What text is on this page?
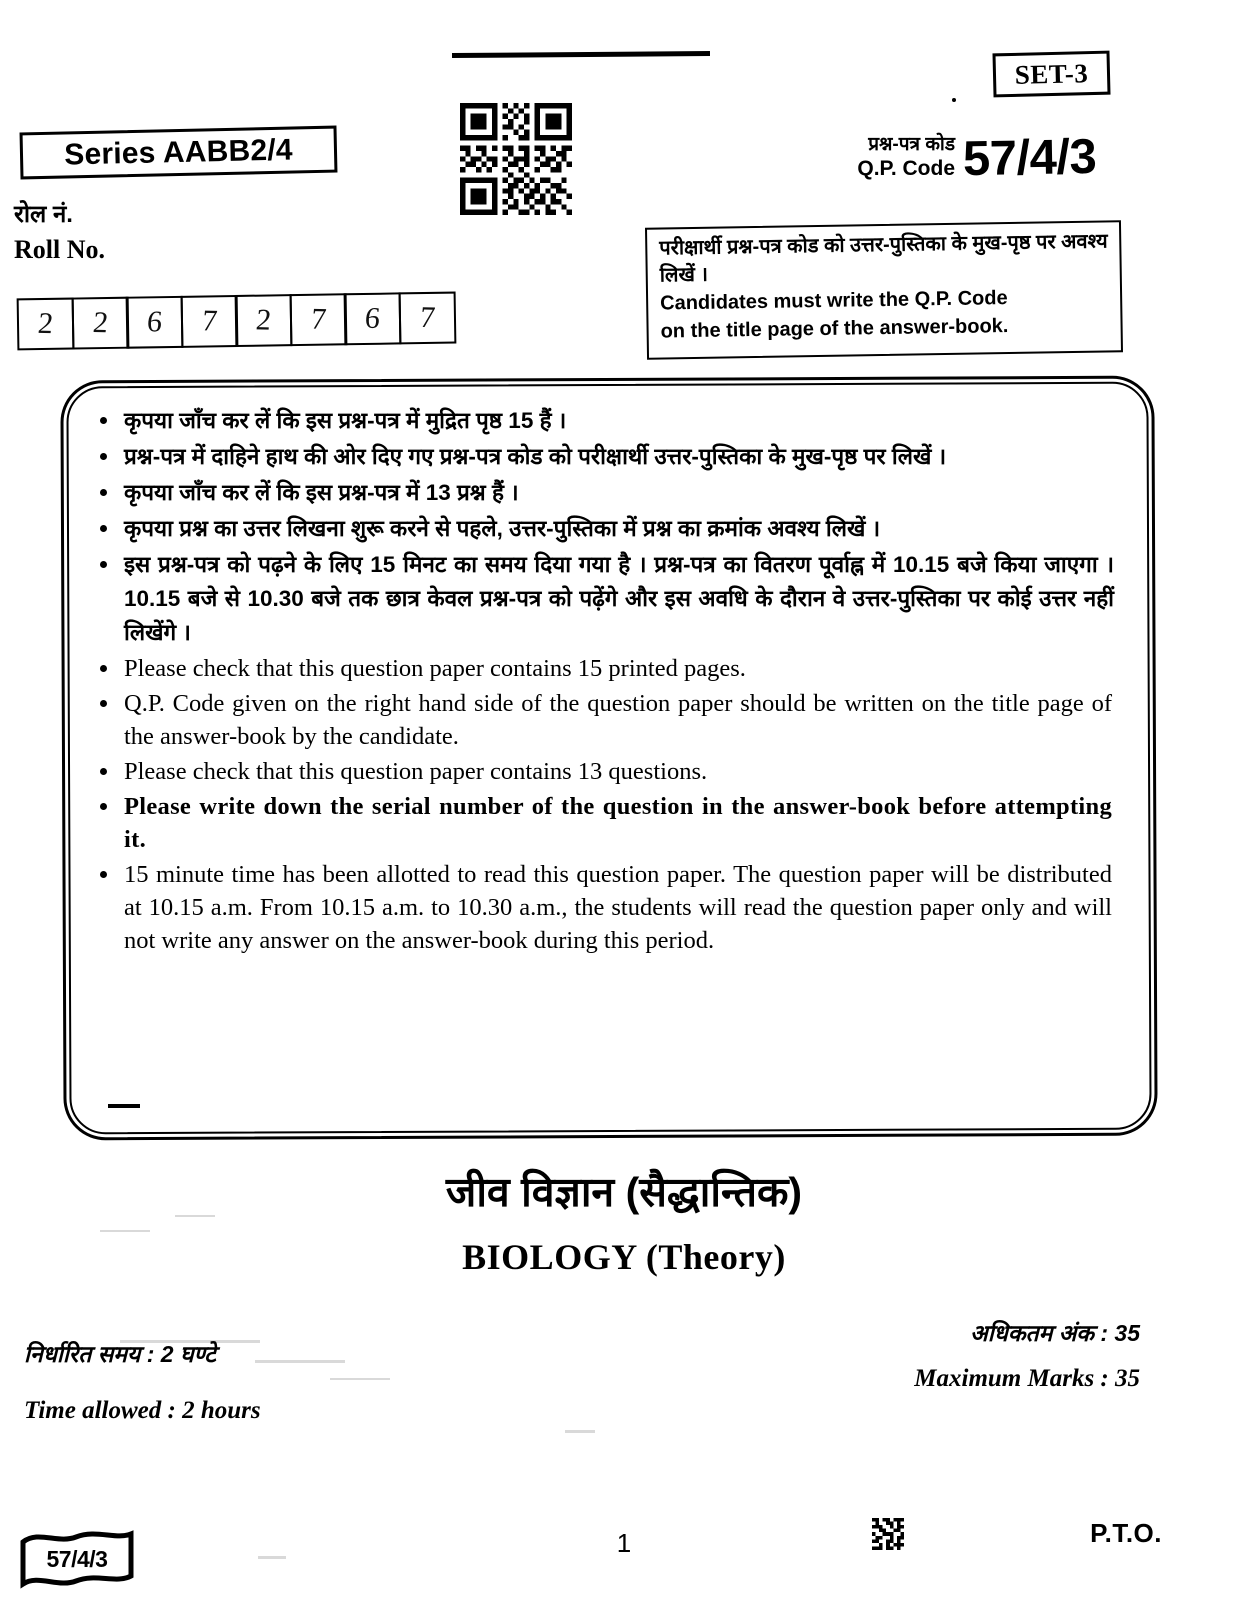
Series AABB2/4
SET-3
प्रश्न-पत्र कोड
Q.P. Code 57/4/3
रोल नं.
Roll No.
2 2 6 7 2 7 6 7
परीक्षार्थी प्रश्न-पत्र कोड को उत्तर-पुस्तिका के मुख-पृष्ठ पर अवश्य लिखें ।
Candidates must write the Q.P. Code
on the title page of the answer-book.
कृपया जाँच कर लें कि इस प्रश्न-पत्र में मुद्रित पृष्ठ 15 हैं ।
प्रश्न-पत्र में दाहिने हाथ की ओर दिए गए प्रश्न-पत्र कोड को परीक्षार्थी उत्तर-पुस्तिका के मुख-पृष्ठ पर लिखें ।
कृपया जाँच कर लें कि इस प्रश्न-पत्र में 13 प्रश्न हैं ।
कृपया प्रश्न का उत्तर लिखना शुरू करने से पहले, उत्तर-पुस्तिका में प्रश्न का क्रमांक अवश्य लिखें ।
इस प्रश्न-पत्र को पढ़ने के लिए 15 मिनट का समय दिया गया है । प्रश्न-पत्र का वितरण पूर्वाह्न में 10.15 बजे किया जाएगा । 10.15 बजे से 10.30 बजे तक छात्र केवल प्रश्न-पत्र को पढ़ेंगे और इस अवधि के दौरान वे उत्तर-पुस्तिका पर कोई उत्तर नहीं लिखेंगे ।
Please check that this question paper contains 15 printed pages.
Q.P. Code given on the right hand side of the question paper should be written on the title page of the answer-book by the candidate.
Please check that this question paper contains 13 questions.
Please write down the serial number of the question in the answer-book before attempting it.
15 minute time has been allotted to read this question paper. The question paper will be distributed at 10.15 a.m. From 10.15 a.m. to 10.30 a.m., the students will read the question paper only and will not write any answer on the answer-book during this period.
जीव विज्ञान (सैद्धान्तिक)
BIOLOGY (Theory)
निर्धारित समय : 2 घण्टे
Time allowed : 2 hours
अधिकतम अंक : 35
Maximum Marks : 35
57/4/3
1	P.T.O.
